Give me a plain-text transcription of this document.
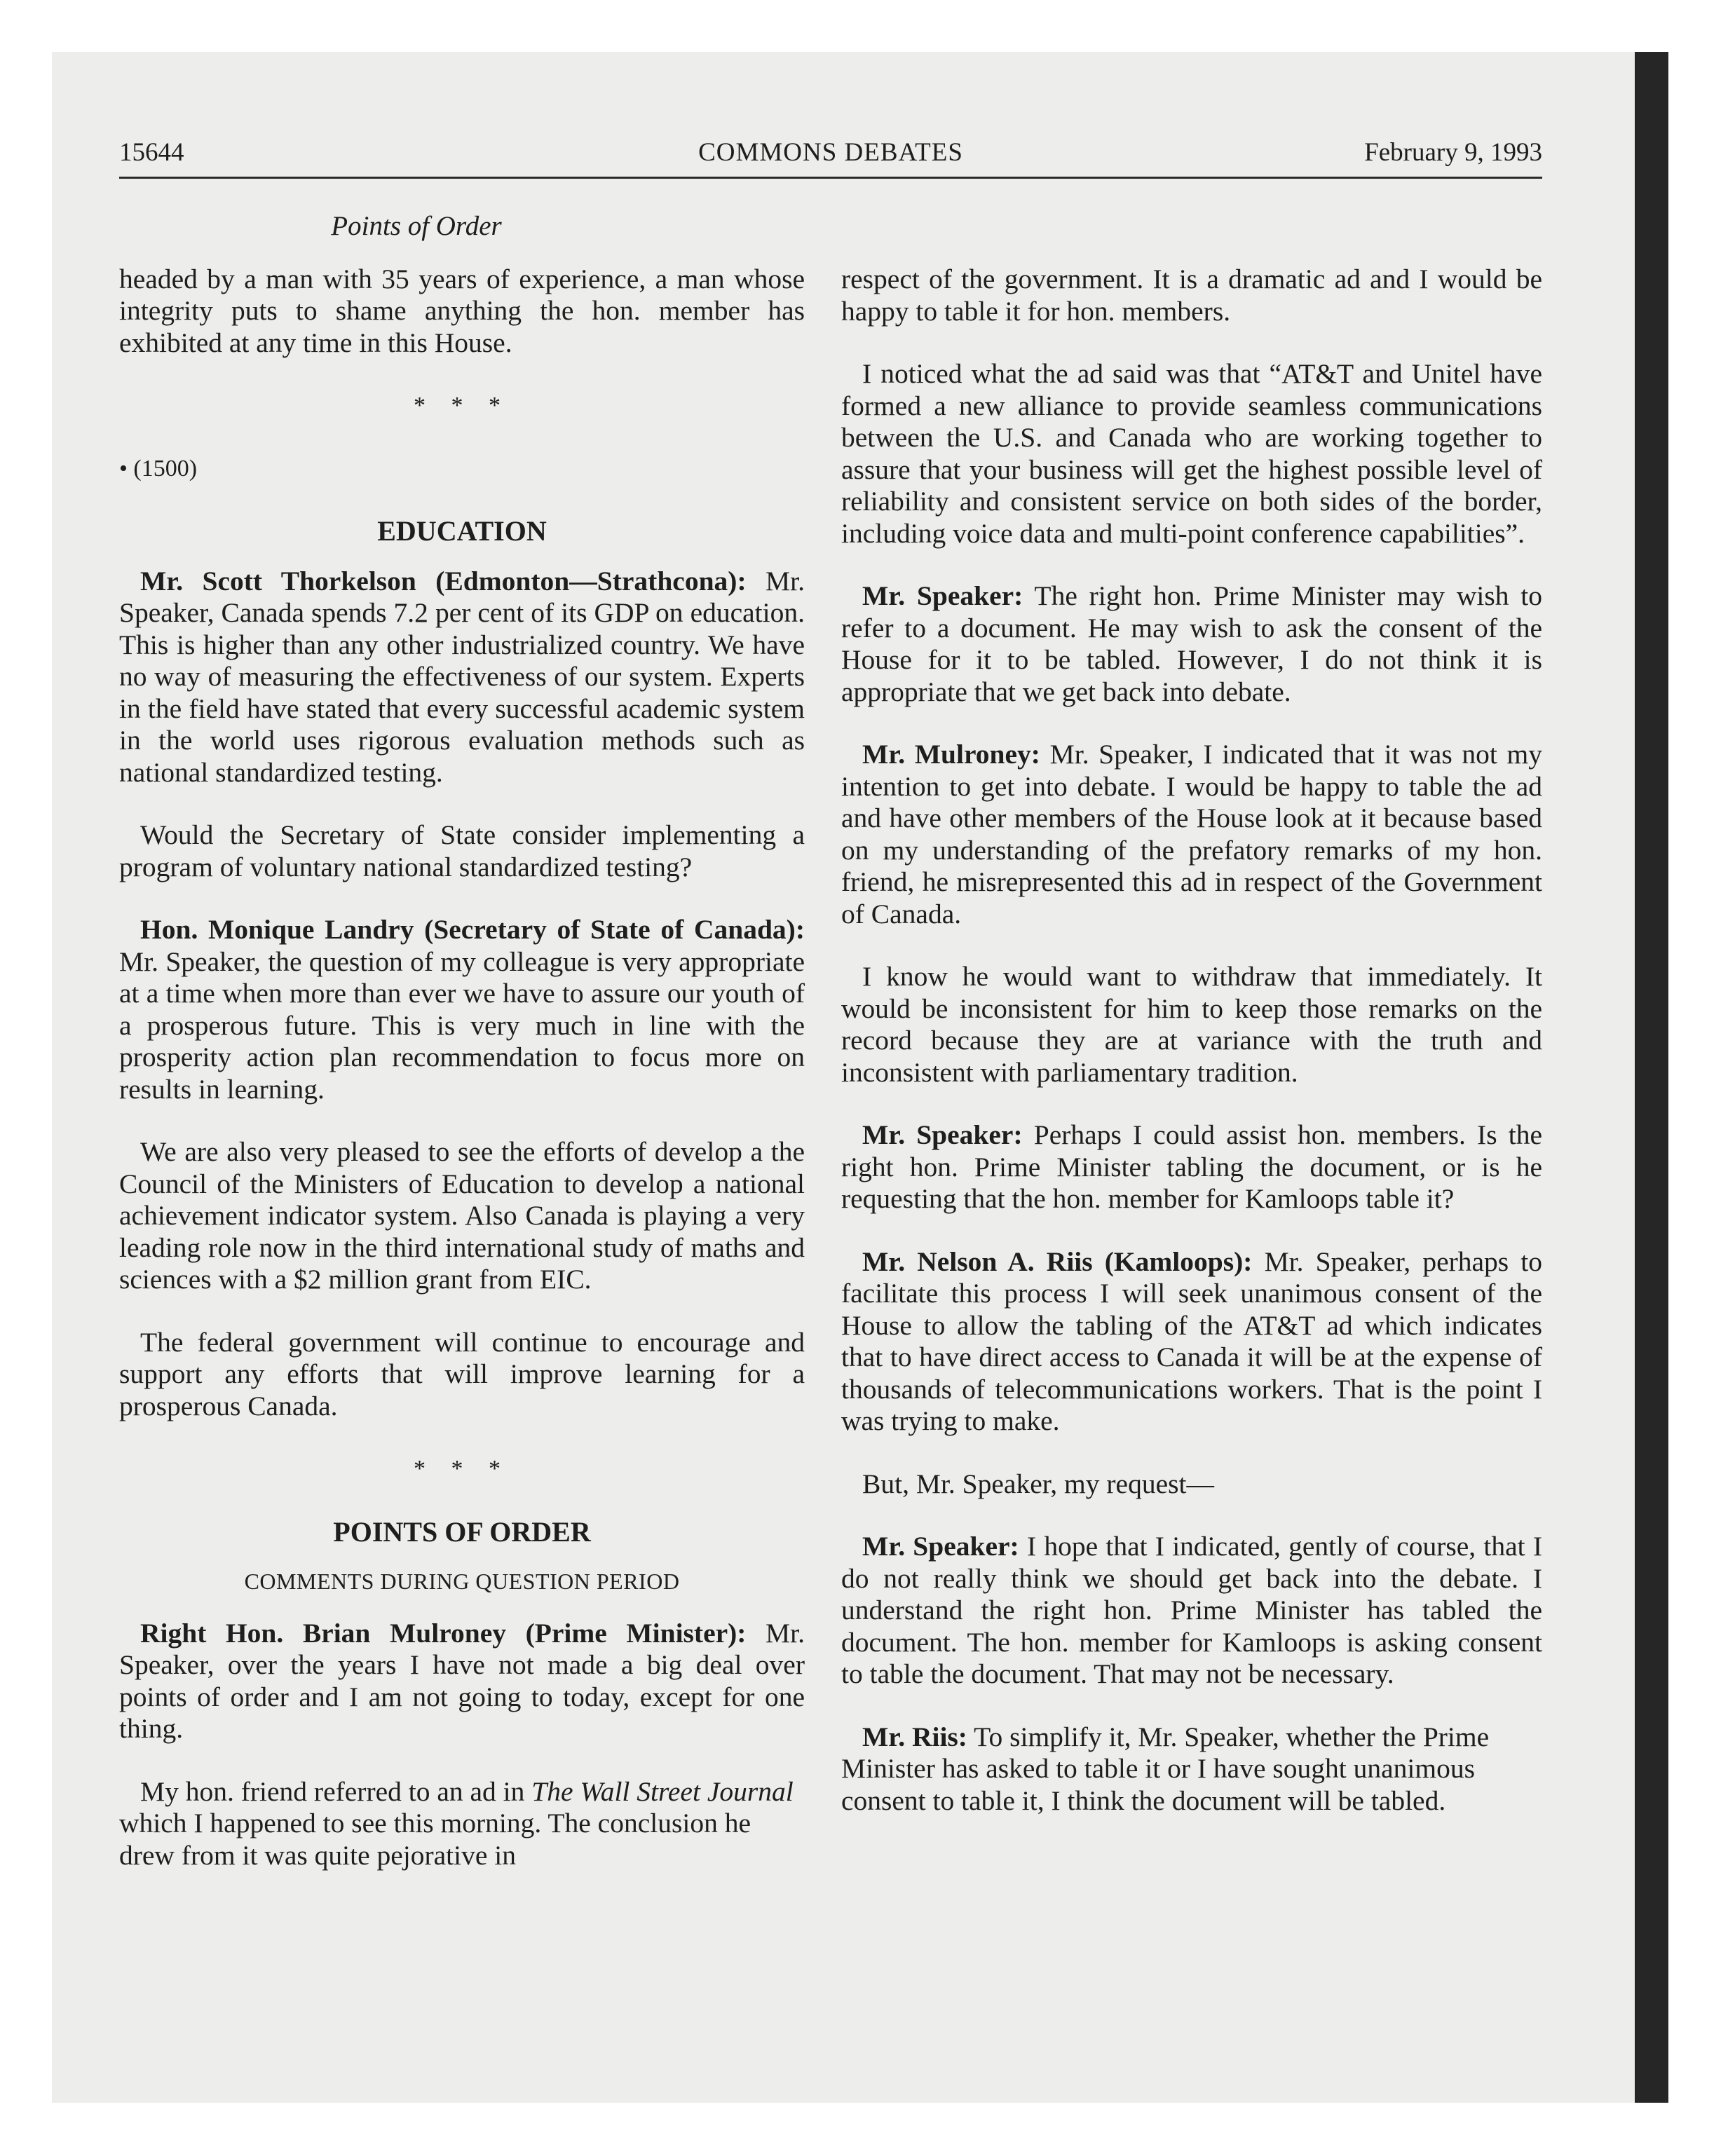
15644	COMMONS DEBATES	February 9, 1993
Points of Order

headed by a man with 35 years of experience, a man whose integrity puts to shame anything the hon. member has exhibited at any time in this House.

* * *
• (1500)
EDUCATION

Mr. Scott Thorkelson (Edmonton—Strathcona): Mr. Speaker, Canada spends 7.2 per cent of its GDP on education. This is higher than any other industrialized country. We have no way of measuring the effectiveness of our system. Experts in the field have stated that every successful academic system in the world uses rigorous evaluation methods such as national standardized testing.

Would the Secretary of State consider implementing a program of voluntary national standardized testing?

Hon. Monique Landry (Secretary of State of Canada): Mr. Speaker, the question of my colleague is very appropriate at a time when more than ever we have to assure our youth of a prosperous future. This is very much in line with the prosperity action plan recommendation to focus more on results in learning.

We are also very pleased to see the efforts of develop a the Council of the Ministers of Education to develop a national achievement indicator system. Also Canada is playing a very leading role now in the third international study of maths and sciences with a $2 million grant from EIC.

The federal government will continue to encourage and support any efforts that will improve learning for a prosperous Canada.

* * *
POINTS OF ORDER
COMMENTS DURING QUESTION PERIOD

Right Hon. Brian Mulroney (Prime Minister): Mr. Speaker, over the years I have not made a big deal over points of order and I am not going to today, except for one thing.

My hon. friend referred to an ad in The Wall Street Journal which I happened to see this morning. The conclusion he drew from it was quite pejorative in

respect of the government. It is a dramatic ad and I would be happy to table it for hon. members.

I noticed what the ad said was that “AT&T and Unitel have formed a new alliance to provide seamless communications between the U.S. and Canada who are working together to assure that your business will get the highest possible level of reliability and consistent service on both sides of the border, including voice data and multi-point conference capabilities”.

Mr. Speaker: The right hon. Prime Minister may wish to refer to a document. He may wish to ask the consent of the House for it to be tabled. However, I do not think it is appropriate that we get back into debate.

Mr. Mulroney: Mr. Speaker, I indicated that it was not my intention to get into debate. I would be happy to table the ad and have other members of the House look at it because based on my understanding of the prefatory remarks of my hon. friend, he misrepresented this ad in respect of the Government of Canada.

I know he would want to withdraw that immediately. It would be inconsistent for him to keep those remarks on the record because they are at variance with the truth and inconsistent with parliamentary tradition.

Mr. Speaker: Perhaps I could assist hon. members. Is the right hon. Prime Minister tabling the document, or is he requesting that the hon. member for Kamloops table it?

Mr. Nelson A. Riis (Kamloops): Mr. Speaker, perhaps to facilitate this process I will seek unanimous consent of the House to allow the tabling of the AT&T ad which indicates that to have direct access to Canada it will be at the expense of thousands of telecommunications workers. That is the point I was trying to make.

But, Mr. Speaker, my request—

Mr. Speaker: I hope that I indicated, gently of course, that I do not really think we should get back into the debate. I understand the right hon. Prime Minister has tabled the document. The hon. member for Kamloops is asking consent to table the document. That may not be necessary.

Mr. Riis: To simplify it, Mr. Speaker, whether the Prime Minister has asked to table it or I have sought unanimous consent to table it, I think the document will be tabled.
